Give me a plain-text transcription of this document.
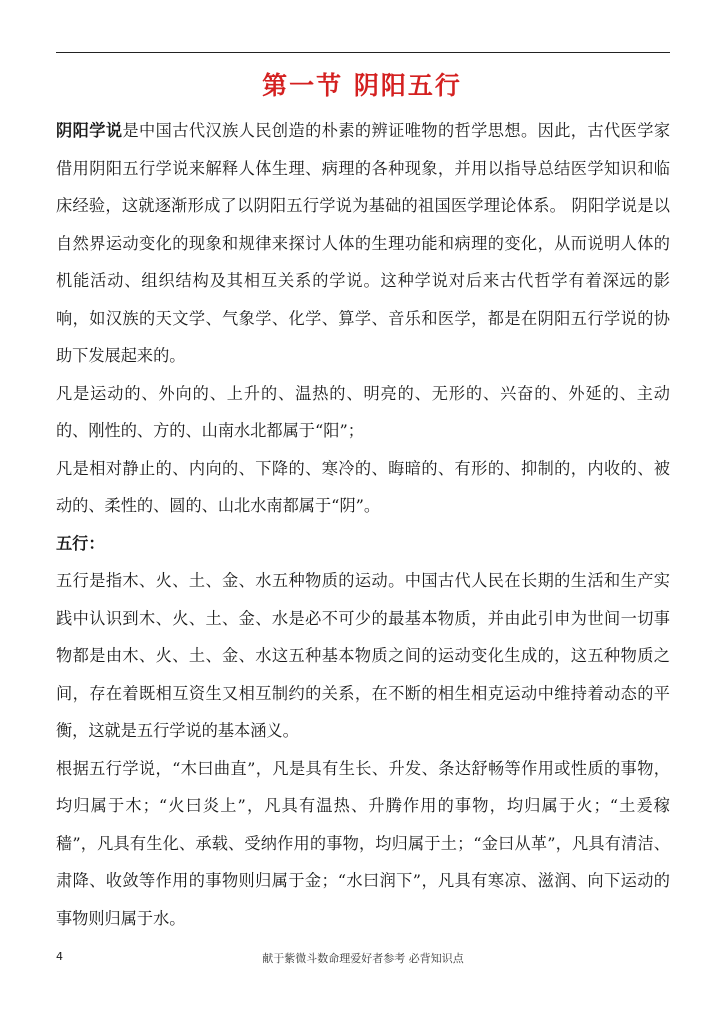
第一节 阴阳五行

阴阳学说是中国古代汉族人民创造的朴素的辨证唯物的哲学思想。因此，古代医学家借用阴阳五行学说来解释人体生理、病理的各种现象，并用以指导总结医学知识和临床经验，这就逐渐形成了以阴阳五行学说为基础的祖国医学理论体系。 阴阳学说是以自然界运动变化的现象和规律来探讨人体的生理功能和病理的变化，从而说明人体的机能活动、组织结构及其相互关系的学说。这种学说对后来古代哲学有着深远的影响，如汉族的天文学、气象学、化学、算学、音乐和医学，都是在阴阳五行学说的协助下发展起来的。

凡是运动的、外向的、上升的、温热的、明亮的、无形的、兴奋的、外延的、主动的、刚性的、方的、山南水北都属于“阳”；

凡是相对静止的、内向的、下降的、寒冷的、晦暗的、有形的、抑制的，内收的、被动的、柔性的、圆的、山北水南都属于“阴”。

五行：

五行是指木、火、土、金、水五种物质的运动。中国古代人民在长期的生活和生产实践中认识到木、火、土、金、水是必不可少的最基本物质，并由此引申为世间一切事物都是由木、火、土、金、水这五种基本物质之间的运动变化生成的，这五种物质之间，存在着既相互资生又相互制约的关系，在不断的相生相克运动中维持着动态的平衡，这就是五行学说的基本涵义。

根据五行学说，“木曰曲直”，凡是具有生长、升发、条达舒畅等作用或性质的事物，均归属于木；“火曰炎上”，凡具有温热、升腾作用的事物，均归属于火；“土爰稼穑”，凡具有生化、承载、受纳作用的事物，均归属于土；“金曰从革”，凡具有清洁、肃降、收敛等作用的事物则归属于金；“水曰润下”，凡具有寒凉、滋润、向下运动的事物则归属于水。

4	献于紫微斗数命理爱好者参考 必背知识点
